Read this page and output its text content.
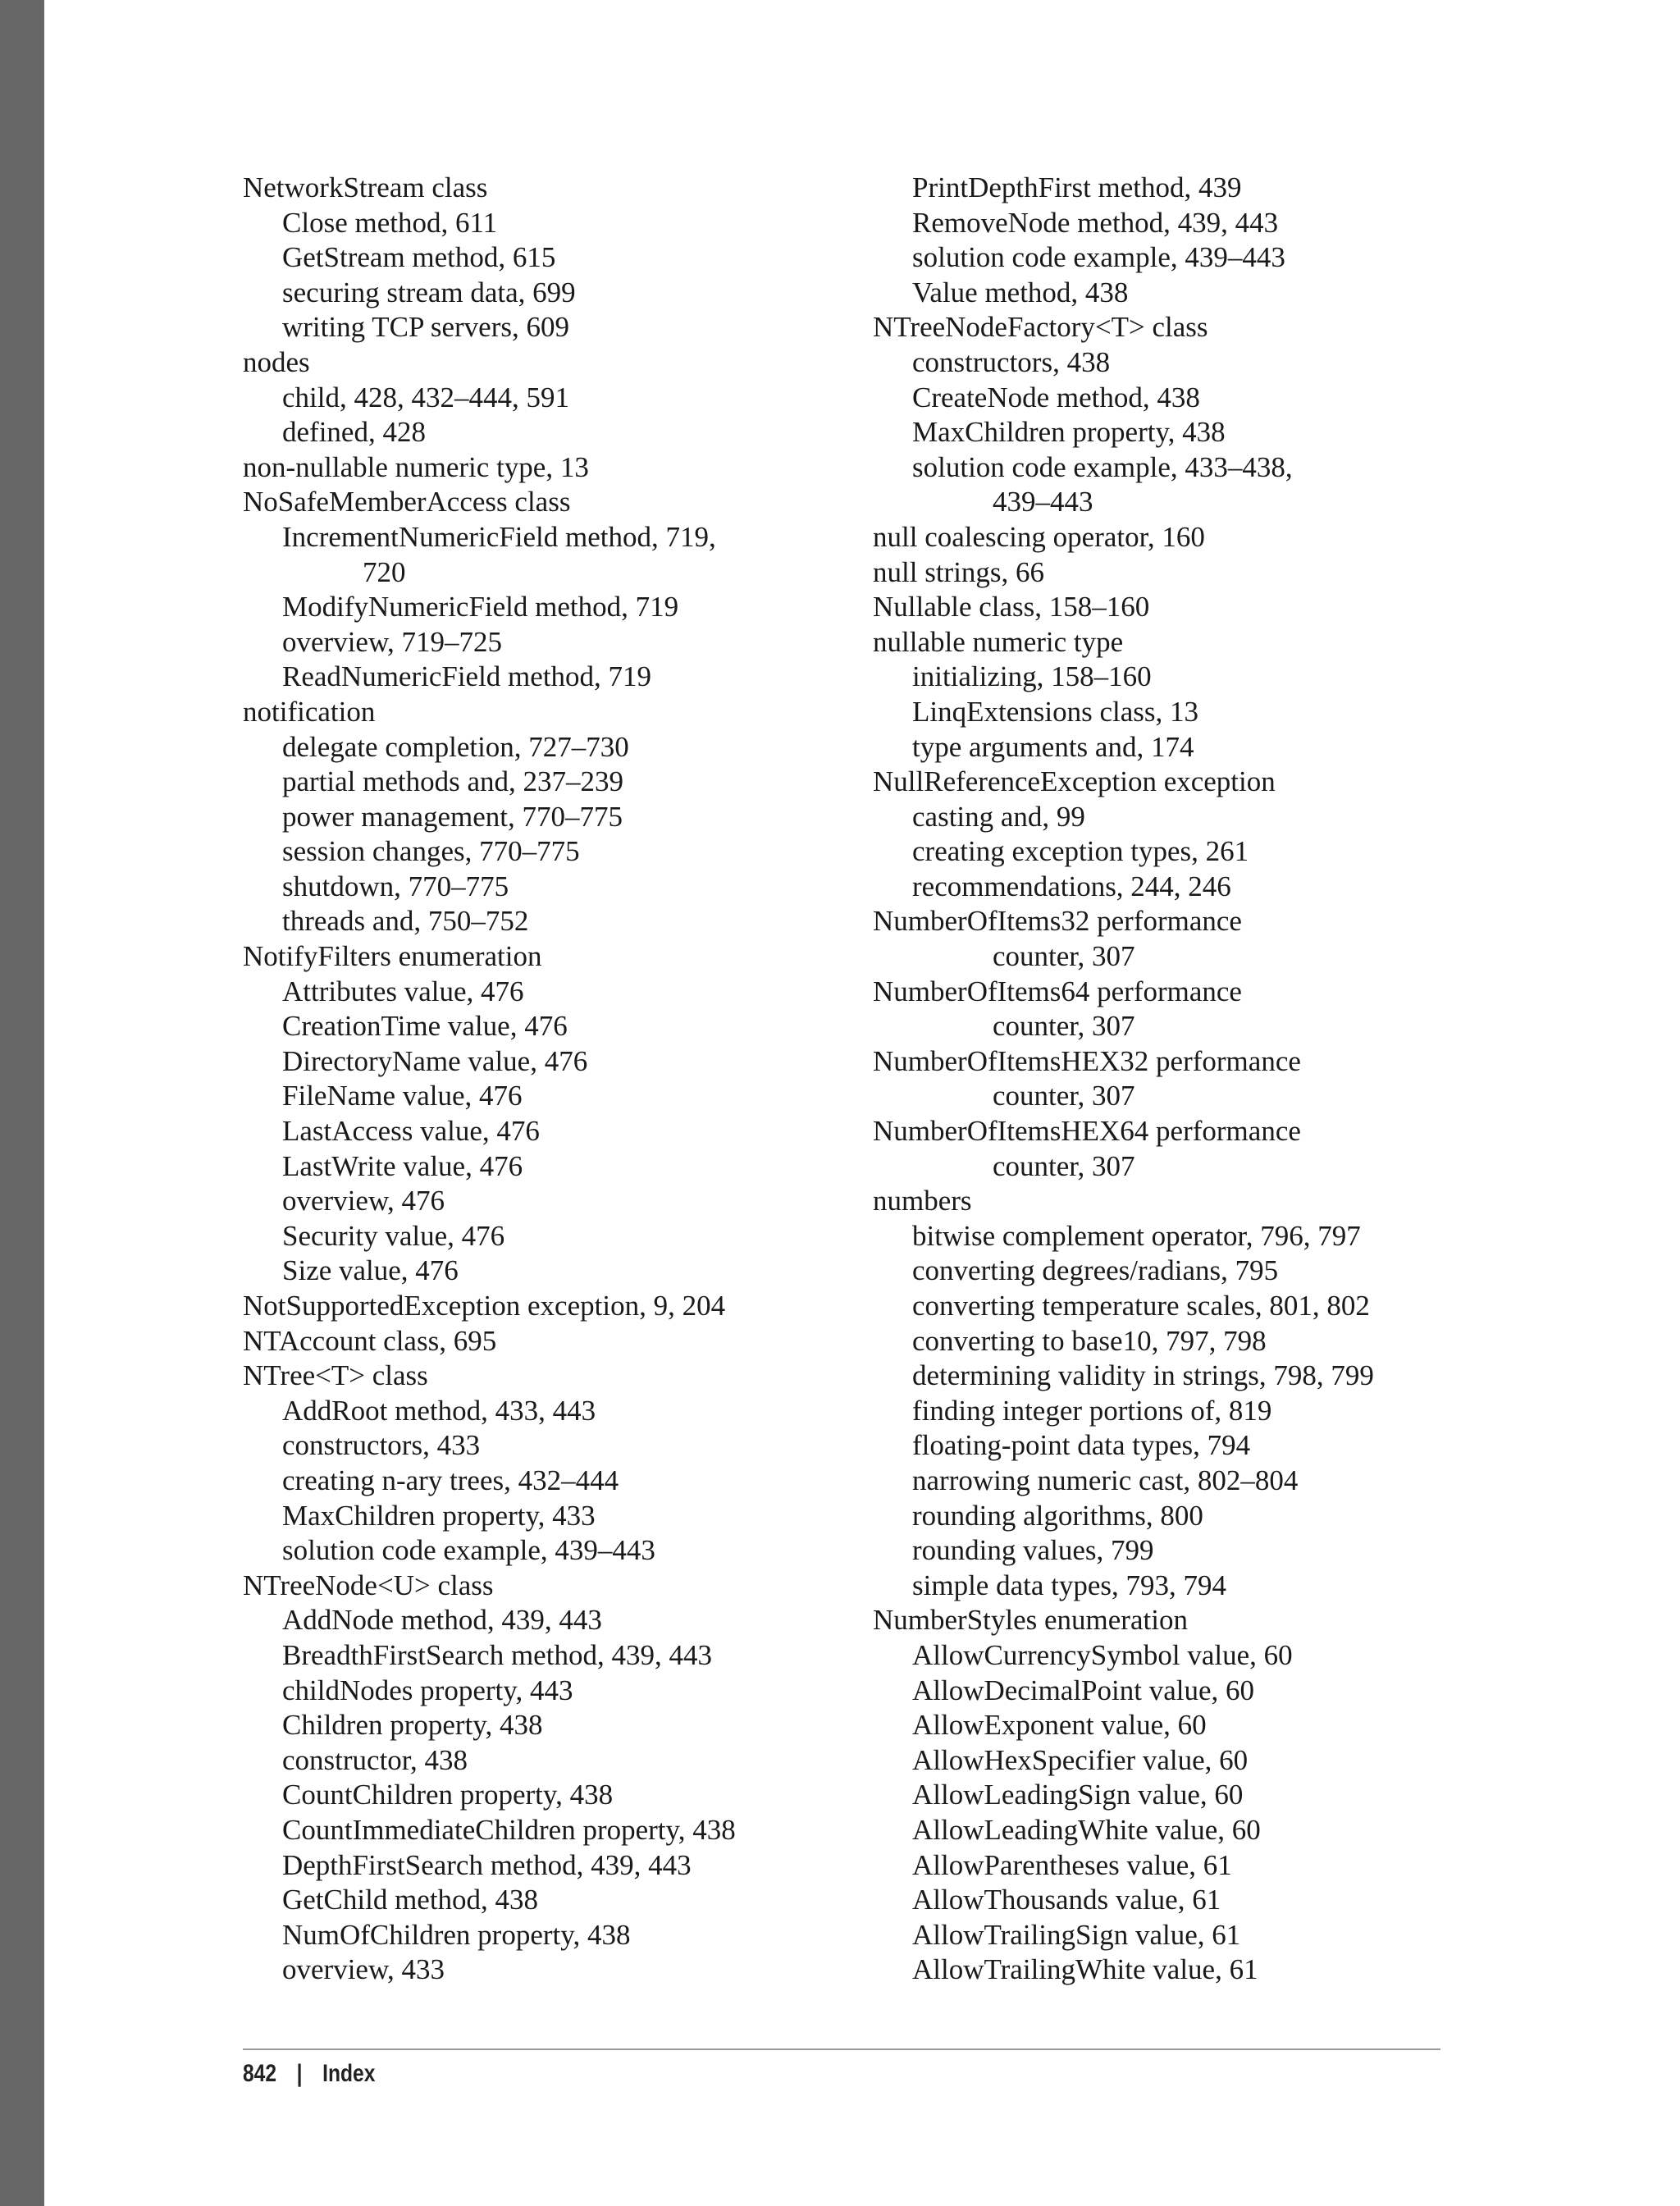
NetworkStream class
Close method, 611
GetStream method, 615
securing stream data, 699
writing TCP servers, 609
nodes
child, 428, 432–444, 591
defined, 428
non-nullable numeric type, 13
NoSafeMemberAccess class
IncrementNumericField method, 719,
720
ModifyNumericField method, 719
overview, 719–725
ReadNumericField method, 719
notification
delegate completion, 727–730
partial methods and, 237–239
power management, 770–775
session changes, 770–775
shutdown, 770–775
threads and, 750–752
NotifyFilters enumeration
Attributes value, 476
CreationTime value, 476
DirectoryName value, 476
FileName value, 476
LastAccess value, 476
LastWrite value, 476
overview, 476
Security value, 476
Size value, 476
NotSupportedException exception, 9, 204
NTAccount class, 695
NTree<T> class
AddRoot method, 433, 443
constructors, 433
creating n-ary trees, 432–444
MaxChildren property, 433
solution code example, 439–443
NTreeNode<U> class
AddNode method, 439, 443
BreadthFirstSearch method, 439, 443
childNodes property, 443
Children property, 438
constructor, 438
CountChildren property, 438
CountImmediateChildren property, 438
DepthFirstSearch method, 439, 443
GetChild method, 438
NumOfChildren property, 438
overview, 433
PrintDepthFirst method, 439
RemoveNode method, 439, 443
solution code example, 439–443
Value method, 438
NTreeNodeFactory<T> class
constructors, 438
CreateNode method, 438
MaxChildren property, 438
solution code example, 433–438,
439–443
null coalescing operator, 160
null strings, 66
Nullable class, 158–160
nullable numeric type
initializing, 158–160
LinqExtensions class, 13
type arguments and, 174
NullReferenceException exception
casting and, 99
creating exception types, 261
recommendations, 244, 246
NumberOfItems32 performance
counter, 307
NumberOfItems64 performance
counter, 307
NumberOfItemsHEX32 performance
counter, 307
NumberOfItemsHEX64 performance
counter, 307
numbers
bitwise complement operator, 796, 797
converting degrees/radians, 795
converting temperature scales, 801, 802
converting to base10, 797, 798
determining validity in strings, 798, 799
finding integer portions of, 819
floating-point data types, 794
narrowing numeric cast, 802–804
rounding algorithms, 800
rounding values, 799
simple data types, 793, 794
NumberStyles enumeration
AllowCurrencySymbol value, 60
AllowDecimalPoint value, 60
AllowExponent value, 60
AllowHexSpecifier value, 60
AllowLeadingSign value, 60
AllowLeadingWhite value, 60
AllowParentheses value, 61
AllowThousands value, 61
AllowTrailingSign value, 61
AllowTrailingWhite value, 61
842 | Index
